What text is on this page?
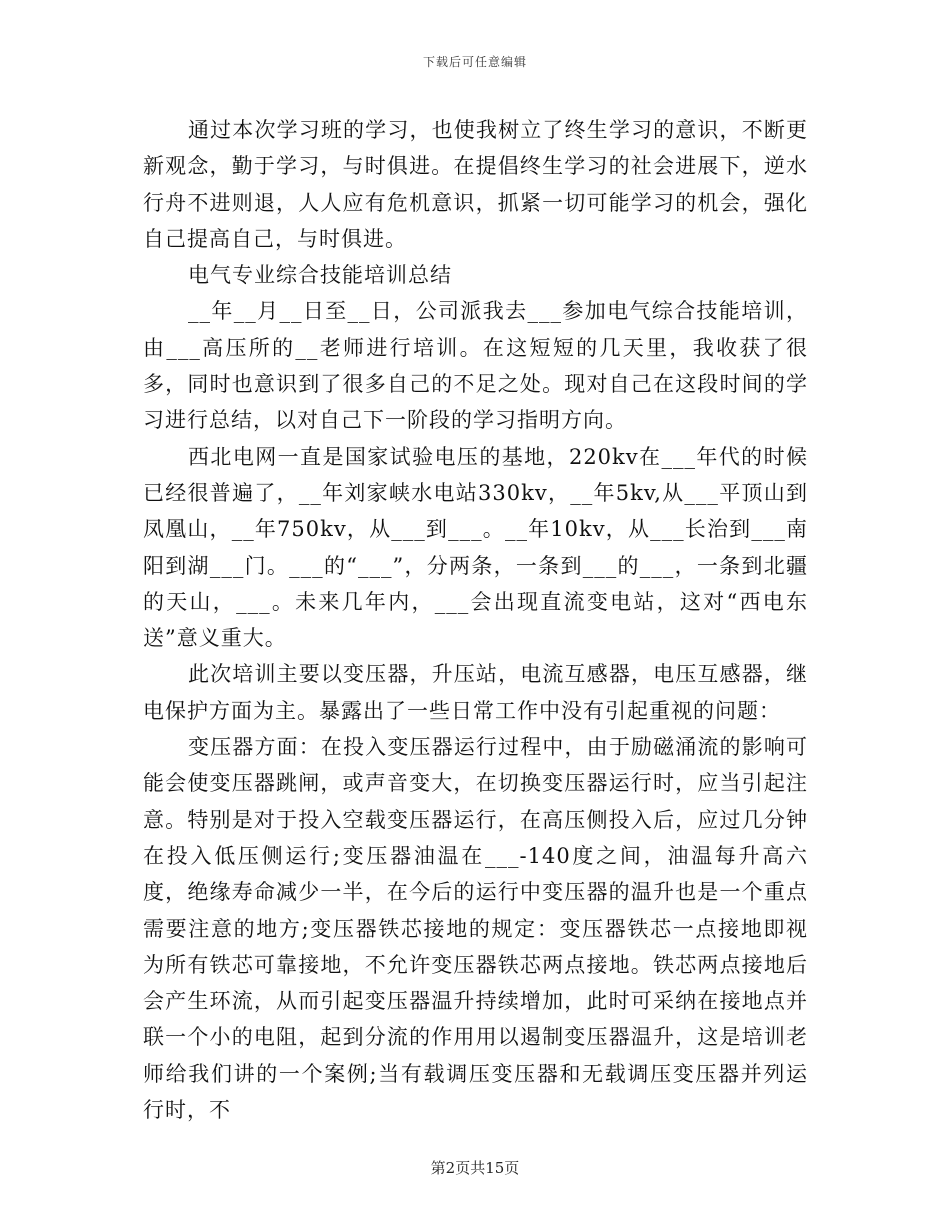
下载后可任意编辑

通过本次学习班的学习，也使我树立了终生学习的意识，不断更新观念，勤于学习，与时俱进。在提倡终生学习的社会进展下，逆水行舟不进则退，人人应有危机意识，抓紧一切可能学习的机会，强化自己提高自己，与时俱进。

电气专业综合技能培训总结

__年__月__日至__日，公司派我去___参加电气综合技能培训，由___高压所的__老师进行培训。在这短短的几天里，我收获了很多，同时也意识到了很多自己的不足之处。现对自己在这段时间的学习进行总结，以对自己下一阶段的学习指明方向。

西北电网一直是国家试验电压的基地，220kv在___年代的时候已经很普遍了，__年刘家峡水电站330kv，__年5kv,从___平顶山到凤凰山，__年750kv，从___到___。__年10kv，从___长治到___南阳到湖___门。___的“___”，分两条，一条到___的___，一条到北疆的天山，___。未来几年内，___会出现直流变电站，这对“西电东送”意义重大。

此次培训主要以变压器，升压站，电流互感器，电压互感器，继电保护方面为主。暴露出了一些日常工作中没有引起重视的问题：

变压器方面：在投入变压器运行过程中，由于励磁涌流的影响可能会使变压器跳闸，或声音变大，在切换变压器运行时，应当引起注意。特别是对于投入空载变压器运行，在高压侧投入后，应过几分钟在投入低压侧运行;变压器油温在___-140度之间，油温每升高六度，绝缘寿命减少一半，在今后的运行中变压器的温升也是一个重点需要注意的地方;变压器铁芯接地的规定：变压器铁芯一点接地即视为所有铁芯可靠接地，不允许变压器铁芯两点接地。铁芯两点接地后会产生环流，从而引起变压器温升持续增加，此时可采纳在接地点并联一个小的电阻，起到分流的作用用以遏制变压器温升，这是培训老师给我们讲的一个案例;当有载调压变压器和无载调压变压器并列运行时，不

第2页共15页
